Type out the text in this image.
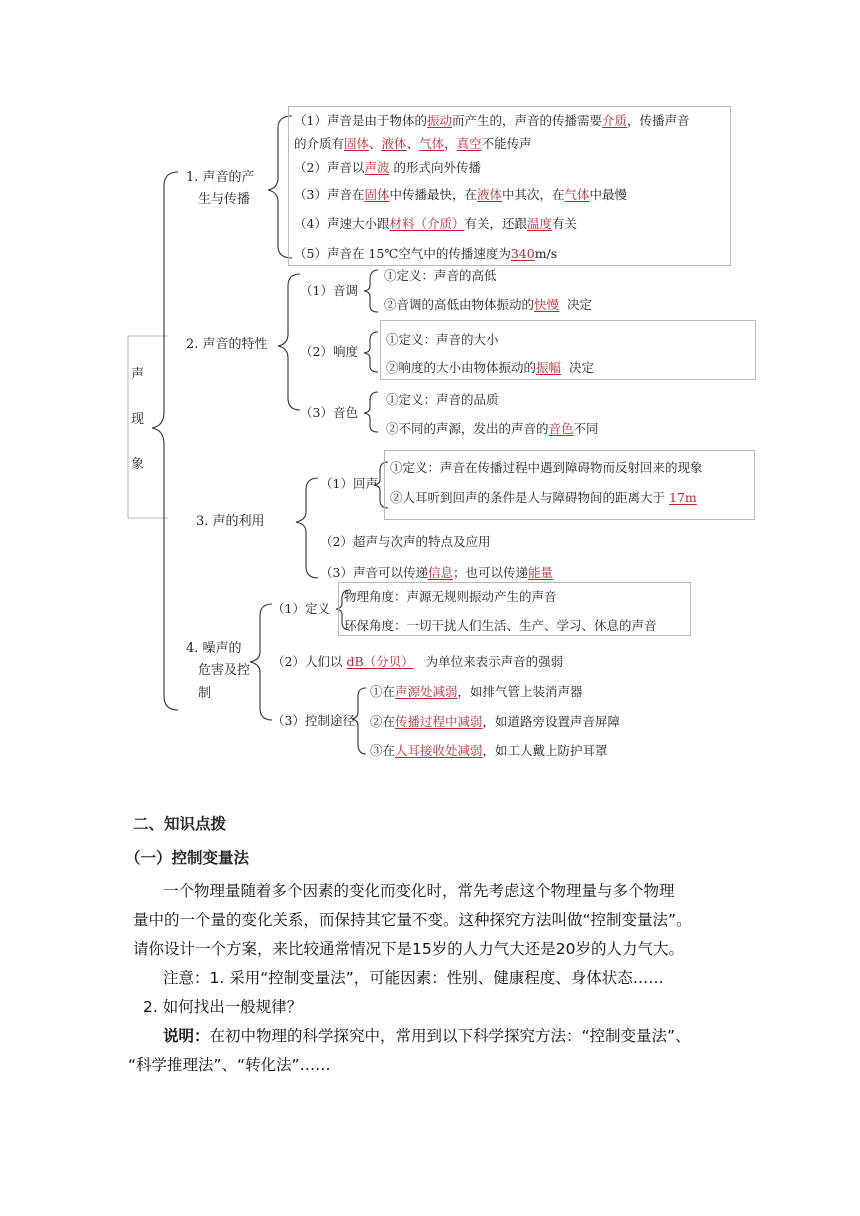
声
现
象
1. 声音的产
生与传播
（1）声音是由于物体的振动而产生的，声音的传播需要介质，传播声音
的介质有固体、液体、气体，真空不能传声
（2）声音以声波 的形式向外传播
（3）声音在固体中传播最快，在液体中其次，在气体中最慢
（4）声速大小跟材料（介质）有关，还跟温度有关
（5）声音在 15℃空气中的传播速度为340m/s
2. 声音的特性
（1）音调
①定义：声音的高低
②音调的高低由物体振动的快慢 决定
（2）响度
①定义：声音的大小
②响度的大小由物体振动的振幅 决定
（3）音色
①定义：声音的品质
②不同的声源，发出的声音的音色不同
3. 声的利用
（1）回声
①定义：声音在传播过程中遇到障碍物而反射回来的现象
②人耳听到回声的条件是人与障碍物间的距离大于 17m
（2）超声与次声的特点及应用
（3）声音可以传递信息；也可以传递能量
4. 噪声的
危害及控
制
（1）定义
物理角度：声源无规则振动产生的声音
环保角度：一切干扰人们生活、生产、学习、休息的声音
（2）人们以 dB（分贝） 为单位来表示声音的强弱
（3）控制途径
①在声源处减弱，如排气管上装消声器
②在传播过程中减弱，如道路旁设置声音屏障
③在人耳接收处减弱，如工人戴上防护耳罩
二、知识点拨
（一）控制变量法
一个物理量随着多个因素的变化而变化时，常先考虑这个物理量与多个物理
量中的一个量的变化关系，而保持其它量不变。这种探究方法叫做“控制变量法”。
请你设计一个方案，来比较通常情况下是15岁的人力气大还是20岁的人力气大。
注意：1. 采用“控制变量法”，可能因素：性别、健康程度、身体状态……
2. 如何找出一般规律？
说明：在初中物理的科学探究中，常用到以下科学探究方法：“控制变量法”、
“科学推理法”、“转化法”……
